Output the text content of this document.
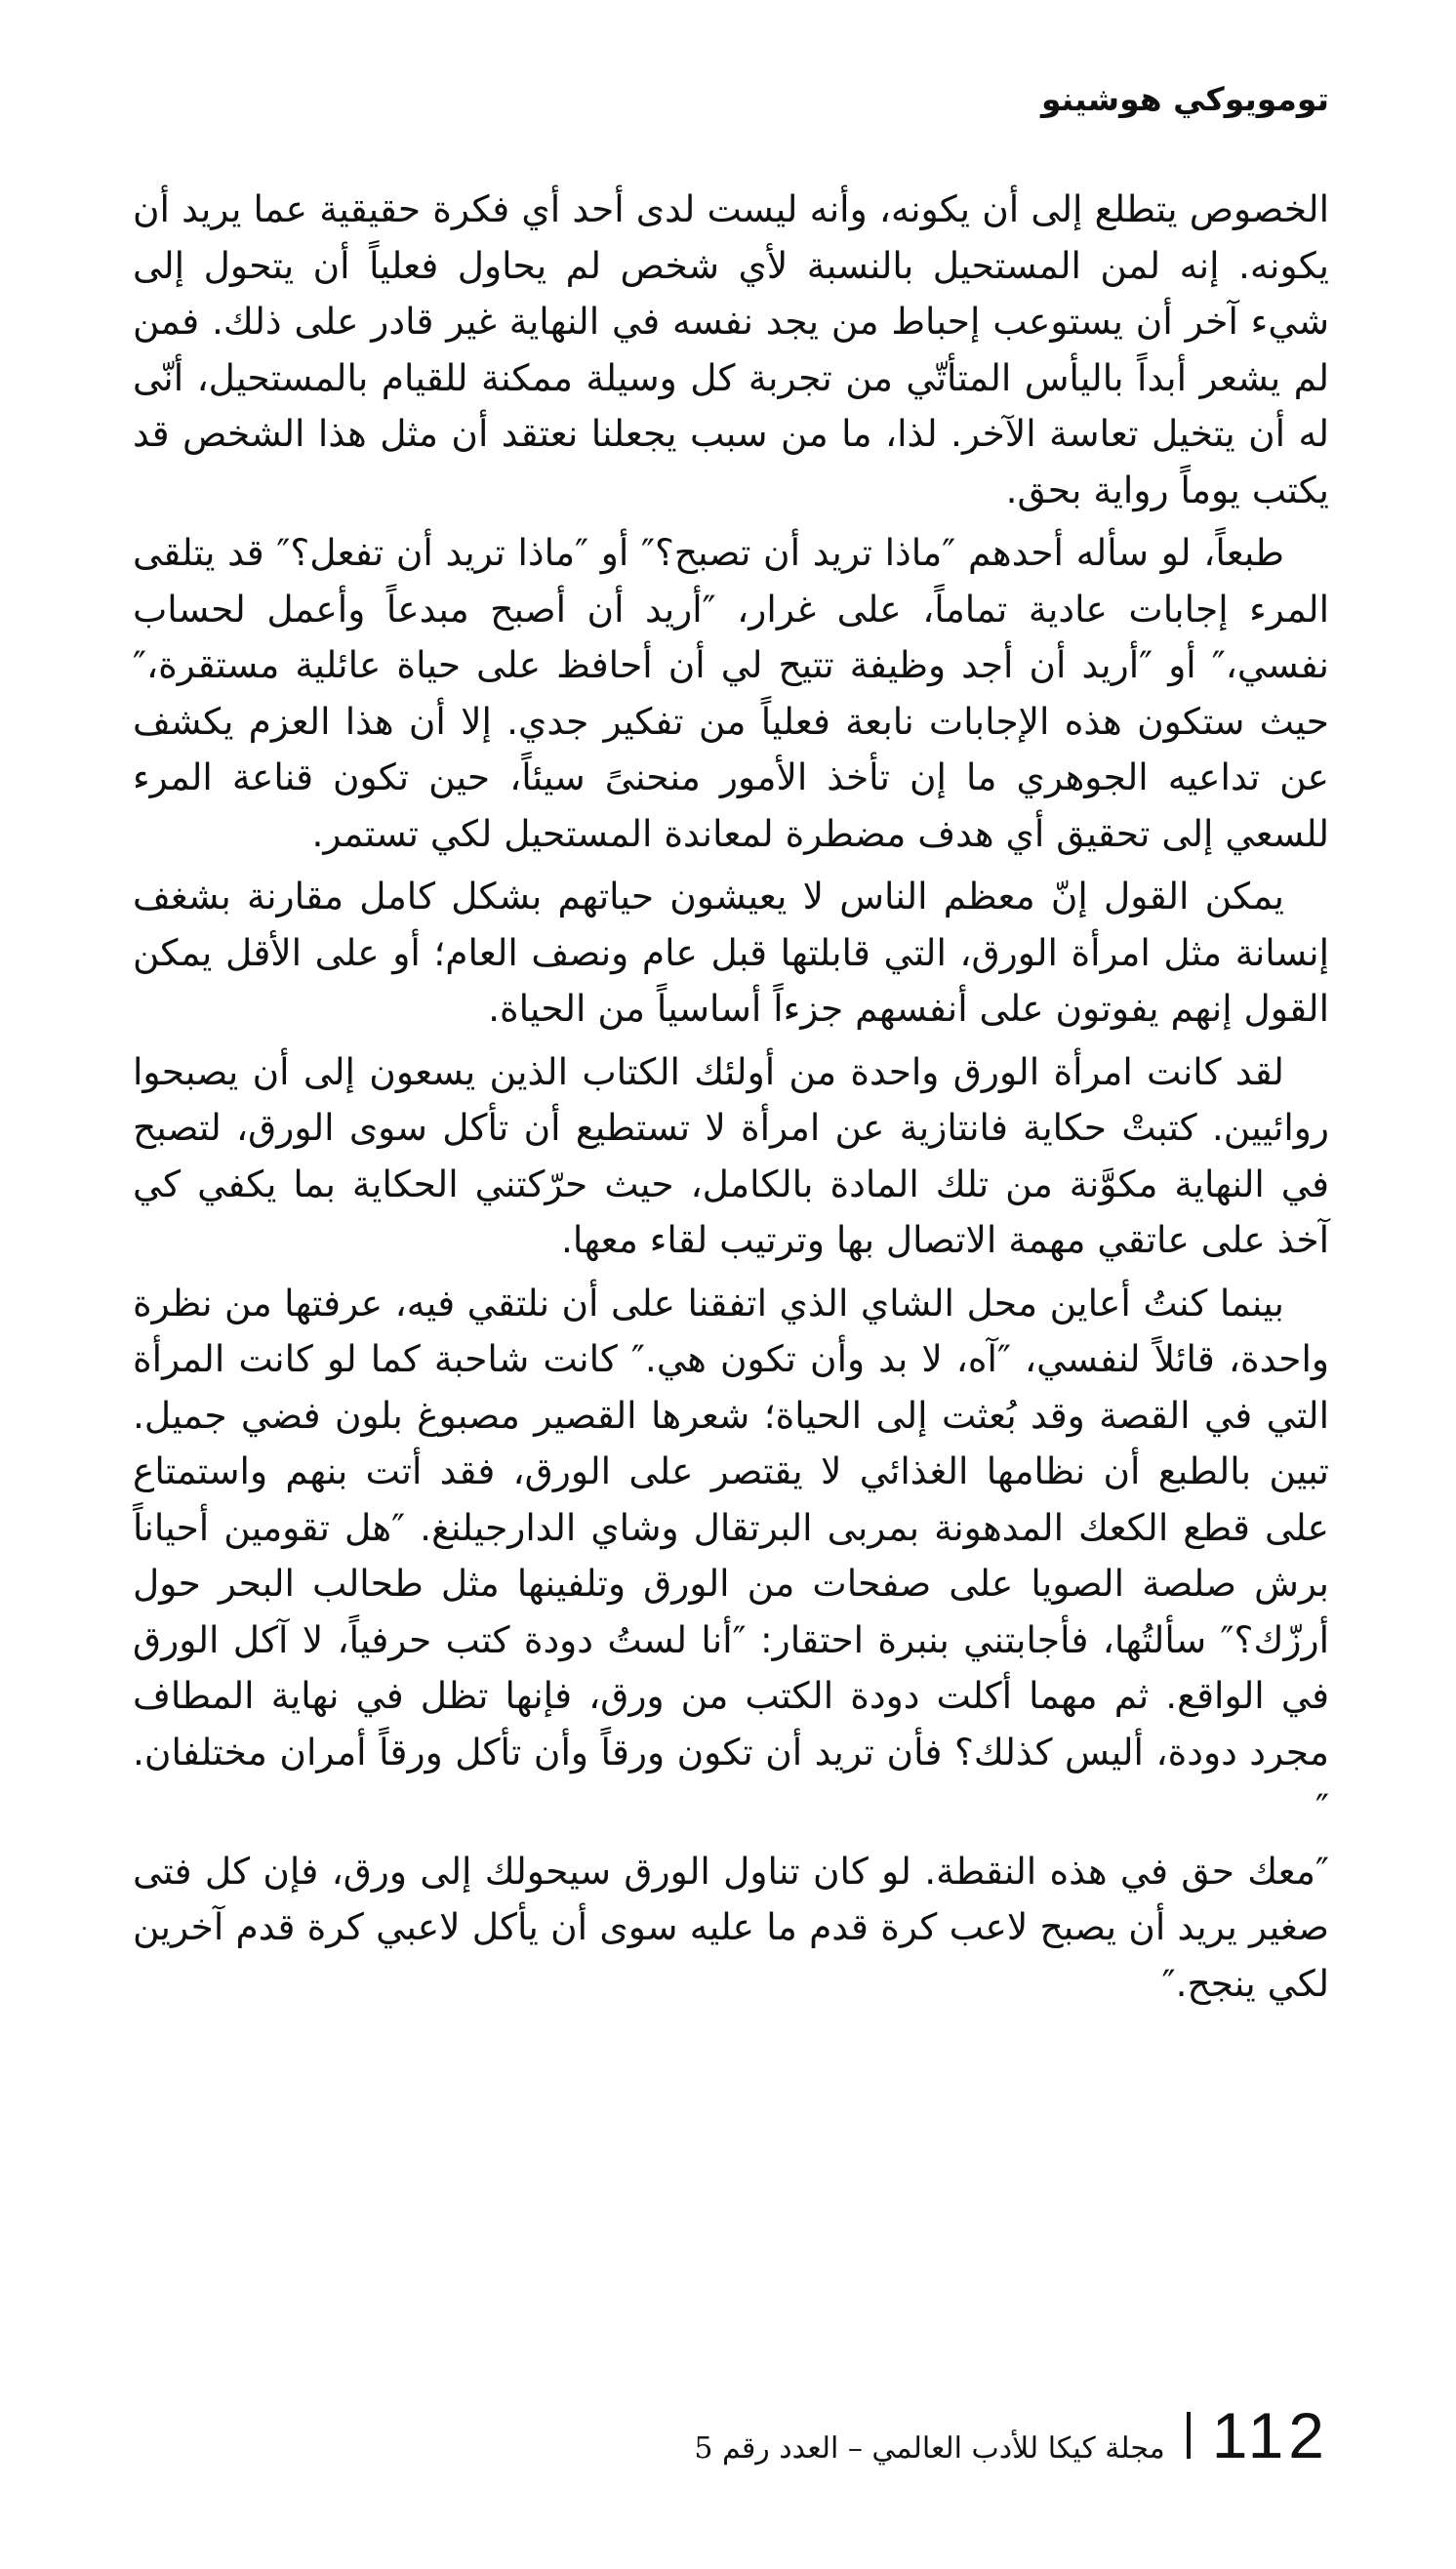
تومويوكي هوشينو

الخصوص يتطلع إلى أن يكونه، وأنه ليست لدى أحد أي فكرة حقيقية عما يريد أن يكونه. إنه لمن المستحيل بالنسبة لأي شخص لم يحاول فعلياً أن يتحول إلى شيء آخر أن يستوعب إحباط من يجد نفسه في النهاية غير قادر على ذلك. فمن لم يشعر أبداً باليأس المتأتّي من تجربة كل وسيلة ممكنة للقيام بالمستحيل، أنّى له أن يتخيل تعاسة الآخر. لذا، ما من سبب يجعلنا نعتقد أن مثل هذا الشخص قد يكتب يوماً رواية بحق.

طبعاً، لو سأله أحدهم ″ماذا تريد أن تصبح؟″ أو ″ماذا تريد أن تفعل؟″ قد يتلقى المرء إجابات عادية تماماً، على غرار، ″أريد أن أصبح مبدعاً وأعمل لحساب نفسي،″ أو ″أريد أن أجد وظيفة تتيح لي أن أحافظ على حياة عائلية مستقرة،″ حيث ستكون هذه الإجابات نابعة فعلياً من تفكير جدي. إلا أن هذا العزم يكشف عن تداعيه الجوهري ما إن تأخذ الأمور منحنىً سيئاً، حين تكون قناعة المرء للسعي إلى تحقيق أي هدف مضطرة لمعاندة المستحيل لكي تستمر.

يمكن القول إنّ معظم الناس لا يعيشون حياتهم بشكل كامل مقارنة بشغف إنسانة مثل امرأة الورق، التي قابلتها قبل عام ونصف العام؛ أو على الأقل يمكن القول إنهم يفوتون على أنفسهم جزءاً أساسياً من الحياة.

لقد كانت امرأة الورق واحدة من أولئك الكتاب الذين يسعون إلى أن يصبحوا روائيين. كتبتْ حكاية فانتازية عن امرأة لا تستطيع أن تأكل سوى الورق، لتصبح في النهاية مكوَّنة من تلك المادة بالكامل، حيث حرّكتني الحكاية بما يكفي كي آخذ على عاتقي مهمة الاتصال بها وترتيب لقاء معها.

بينما كنتُ أعاين محل الشاي الذي اتفقنا على أن نلتقي فيه، عرفتها من نظرة واحدة، قائلاً لنفسي، ″آه، لا بد وأن تكون هي.″ كانت شاحبة كما لو كانت المرأة التي في القصة وقد بُعثت إلى الحياة؛ شعرها القصير مصبوغ بلون فضي جميل. تبين بالطبع أن نظامها الغذائي لا يقتصر على الورق، فقد أتت بنهم واستمتاع على قطع الكعك المدهونة بمربى البرتقال وشاي الدارجيلنغ. ″هل تقومين أحياناً برش صلصة الصويا على صفحات من الورق وتلفينها مثل طحالب البحر حول أرزّك؟″ سألتُها، فأجابتني بنبرة احتقار: ″أنا لستُ دودة كتب حرفياً، لا آكل الورق في الواقع. ثم مهما أكلت دودة الكتب من ورق، فإنها تظل في نهاية المطاف مجرد دودة، أليس كذلك؟ فأن تريد أن تكون ورقاً وأن تأكل ورقاً أمران مختلفان.″

″معك حق في هذه النقطة. لو كان تناول الورق سيحولك إلى ورق، فإن كل فتى صغير يريد أن يصبح لاعب كرة قدم ما عليه سوى أن يأكل لاعبي كرة قدم آخرين لكي ينجح.″

112
مجلة كيكا للأدب العالمي – العدد رقم 5
